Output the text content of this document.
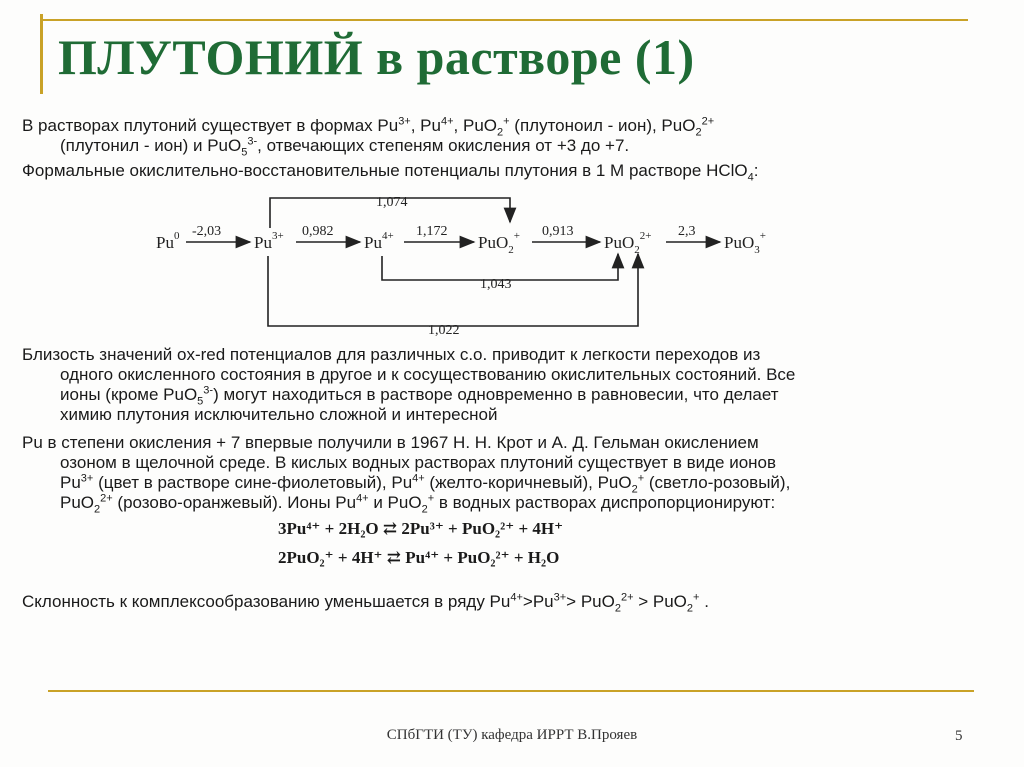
ПЛУТОНИЙ в растворе (1)
В растворах плутоний существует в формах $Pu^{3+}$, $Pu^{4+}$, PuO$_2$+ (плутоноил - ион), PuO$_2^{2+}$
(плутонил - ион) и PuO$_5^{3-}$, отвечающих степеням окисления от +3 до +7.
Формальные окислительно-восстановительные потенциалы плутония в 1 М растворе HClO$_4$:
Pu$^0$	$Pu^{3+}$	$Pu^{4+}$	PuO$_2$+	PuO$_2^{2+}$	PuO$_3$+
-2,03	0,982	1,172	0,913	2,3
1,074
1,043
1,022
Близость значений ox-red потенциалов для различных с.о. приводит к легкости переходов из
одного окисленного состояния в другое и к сосуществованию окислительных состояний. Все
ионы (кроме PuO$_5^{3-}$) могут находиться в растворе одновременно в равновесии, что делает
химию плутония исключительно сложной и интересной
Pu в степени окисления + 7 впервые получили в 1967 Н. Н. Крот и А. Д. Гельман окислением
озоном в щелочной среде. В кислых водных растворах плутоний существует в виде ионов
$Pu^{3+}$ (цвет в растворе сине-фиолетовый), $Pu^{4+}$ (желто-коричневый), PuO$_2$+ (светло-розовый),
PuO$_2^{2+}$ (розово-оранжевый). Ионы $Pu^{4+}$ и PuO$_2$+ в водных растворах диспропорционируют:
3Pu⁴⁺ + 2H₂O ⇄ 2Pu³⁺ + PuO₂²⁺ + 4H⁺
2PuO₂⁺ + 4H⁺ ⇄ Pu⁴⁺ + PuO₂²⁺ + H₂O
Склонность к комплексообразованию уменьшается в ряду $Pu^{4+}>Pu^{3+}> PuO_2^{2+} > PuO_2^+$ .
СПбГТИ (ТУ) кафедра ИРРТ В.Прояев	5
